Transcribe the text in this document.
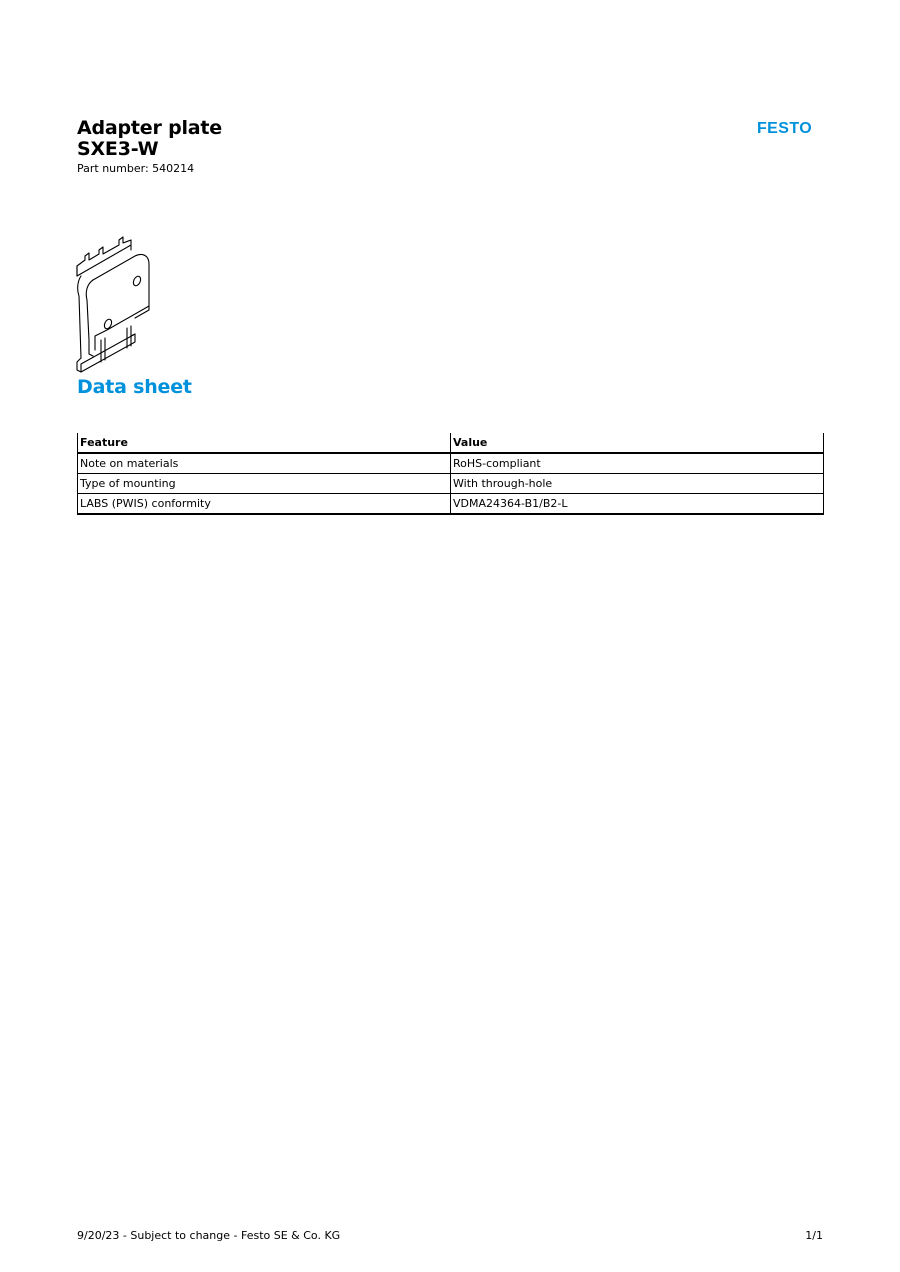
Adapter plate
SXE3-W
Part number: 540214
FESTO
Data sheet
Feature	Value
Note on materials	RoHS-compliant
Type of mounting	With through-hole
LABS (PWIS) conformity	VDMA24364-B1/B2-L
9/20/23 - Subject to change - Festo SE & Co. KG	1/1
